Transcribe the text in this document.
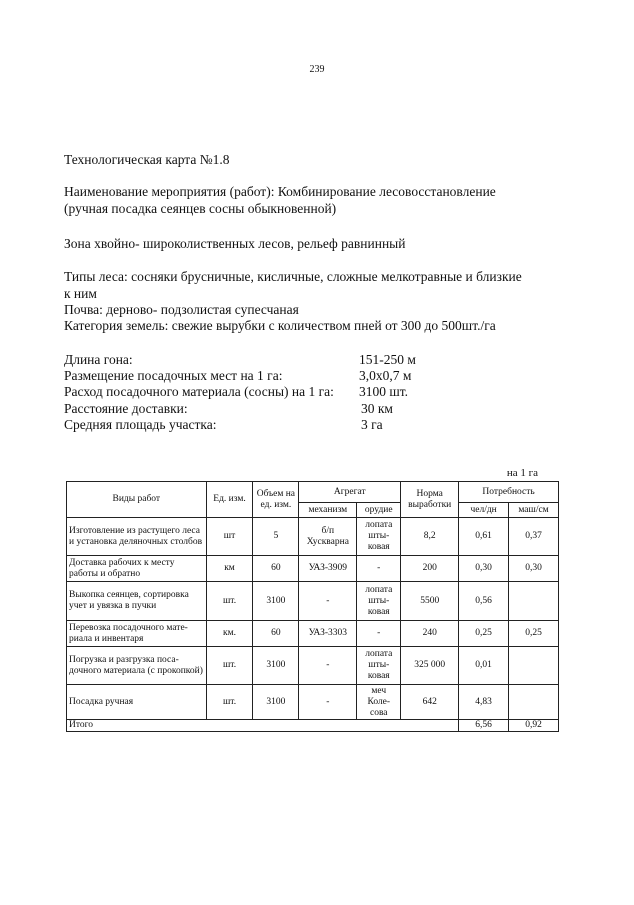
239
Технологическая карта №1.8
Наименование мероприятия (работ): Комбинирование лесовосстановление
(ручная посадка сеянцев сосны обыкновенной)
Зона хвойно- широколиственных лесов, рельеф равнинный
Типы леса: сосняки брусничные, кисличные, сложные мелкотравные и близкие
к ним
Почва: дерново- подзолистая супесчаная
Категория земель: свежие вырубки с количеством пней от 300 до 500шт./га
Длина гона:	151-250 м
Размещение посадочных мест на 1 га:	3,0х0,7 м
Расход посадочного материала (сосны) на 1 га: 3100 шт.
Расстояние доставки:	30 км
Средняя площадь участка:	3 га
на 1 га
Виды работ	Ед. изм.	Объем на ед. изм.	Агрегат		Норма выработки	Потребность	
			механизм	орудие		чел/дн	маш/см
Изготовление из растущего леса и установка деляночных столбов	шт	5	б/п Хускварна	лопата шты-ковая	8,2	0,61	0,37
Доставка рабочих к месту работы и обратно	км	60	УАЗ-3909	-	200	0,30	0,30
Выкопка сеянцев, сортировка учет и увязка в пучки	шт.	3100	-	лопата шты-ковая	5500	0,56	
Перевозка посадочного мате-риала и инвентаря	км.	60	УАЗ-3303	-	240	0,25	0,25
Погрузка и разгрузка поса-дочного материала (с прокопкой)	шт.	3100	-	лопата шты-ковая	325 000	0,01	
Посадка ручная	шт.	3100	-	меч Коле-сова	642	4,83	
Итого						6,56	0,92
